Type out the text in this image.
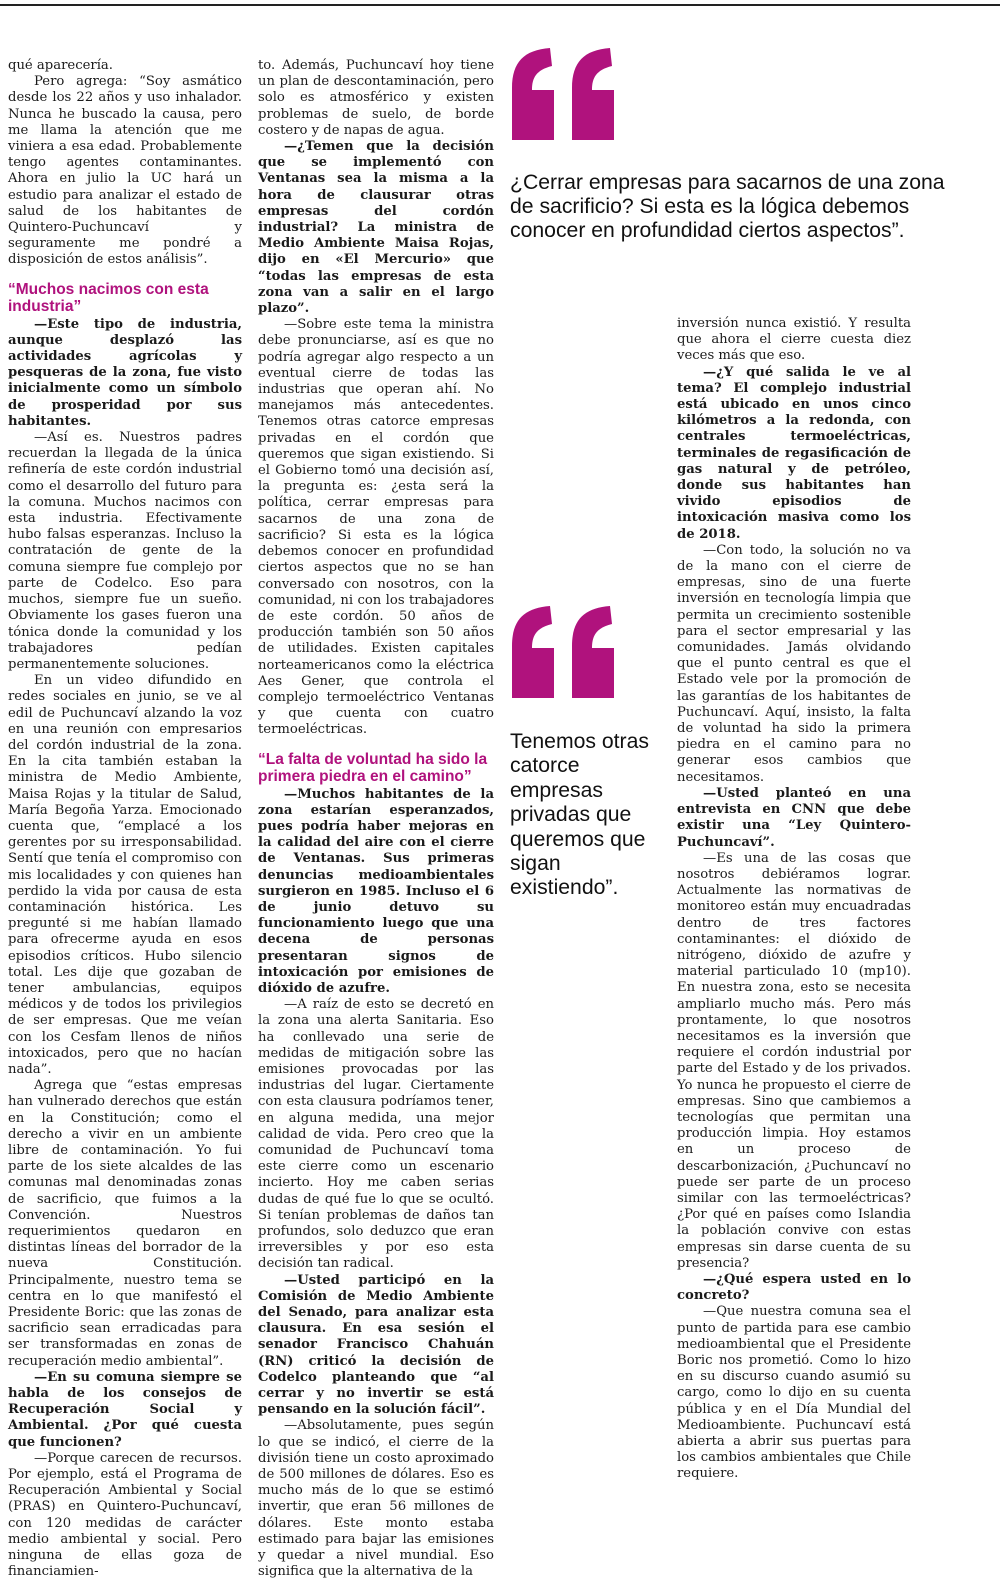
qué aparecería.

Pero agrega: “Soy asmático desde los 22 años y uso inhalador. Nunca he buscado la causa, pero me llama la atención que me viniera a esa edad. Probablemente tengo agentes contaminantes. Ahora en julio la UC hará un estudio para analizar el estado de salud de los habitantes de Quintero-Puchuncaví y seguramente me pondré a disposición de estos análisis”.

“Muchos nacimos con esta industria”

—Este tipo de industria, aunque desplazó las actividades agrícolas y pesqueras de la zona, fue visto inicialmente como un símbolo de prosperidad por sus habitantes.

—Así es. Nuestros padres recuerdan la llegada de la única refinería de este cordón industrial como el desarrollo del futuro para la comuna. Muchos nacimos con esta industria. Efectivamente hubo falsas esperanzas. Incluso la contratación de gente de la comuna siempre fue complejo por parte de Codelco. Eso para muchos, siempre fue un sueño. Obviamente los gases fueron una tónica donde la comunidad y los trabajadores pedían permanentemente soluciones.

En un video difundido en redes sociales en junio, se ve al edil de Puchuncaví alzando la voz en una reunión con empresarios del cordón industrial de la zona. En la cita también estaban la ministra de Medio Ambiente, Maisa Rojas y la titular de Salud, María Begoña Yarza. Emocionado cuenta que, “emplacé a los gerentes por su irresponsabilidad. Sentí que tenía el compromiso con mis localidades y con quienes han perdido la vida por causa de esta contaminación histórica. Les pregunté si me habían llamado para ofrecerme ayuda en esos episodios críticos. Hubo silencio total. Les dije que gozaban de tener ambulancias, equipos médicos y de todos los privilegios de ser empresas. Que me veían con los Cesfam llenos de niños intoxicados, pero que no hacían nada”.

Agrega que “estas empresas han vulnerado derechos que están en la Constitución; como el derecho a vivir en un ambiente libre de contaminación. Yo fui parte de los siete alcaldes de las comunas mal denominadas zonas de sacrificio, que fuimos a la Convención. Nuestros requerimientos quedaron en distintas líneas del borrador de la nueva Constitución. Principalmente, nuestro tema se centra en lo que manifestó el Presidente Boric: que las zonas de sacrificio sean erradicadas para ser transformadas en zonas de recuperación medio ambiental”.

—En su comuna siempre se habla de los consejos de Recuperación Social y Ambiental. ¿Por qué cuesta que funcionen?

—Porque carecen de recursos. Por ejemplo, está el Programa de Recuperación Ambiental y Social (PRAS) en Quintero-Puchuncaví, con 120 medidas de carácter medio ambiental y social. Pero ninguna de ellas goza de financiamien-

to. Además, Puchuncaví hoy tiene un plan de descontaminación, pero solo es atmosférico y existen problemas de suelo, de borde costero y de napas de agua.

—¿Temen que la decisión que se implementó con Ventanas sea la misma a la hora de clausurar otras empresas del cordón industrial? La ministra de Medio Ambiente Maisa Rojas, dijo en «El Mercurio» que “todas las empresas de esta zona van a salir en el largo plazo”.

—Sobre este tema la ministra debe pronunciarse, así es que no podría agregar algo respecto a un eventual cierre de todas las industrias que operan ahí. No manejamos más antecedentes. Tenemos otras catorce empresas privadas en el cordón que queremos que sigan existiendo. Si el Gobierno tomó una decisión así, la pregunta es: ¿esta será la política, cerrar empresas para sacarnos de una zona de sacrificio? Si esta es la lógica debemos conocer en profundidad ciertos aspectos que no se han conversado con nosotros, con la comunidad, ni con los trabajadores de este cordón. 50 años de producción también son 50 años de utilidades. Existen capitales norteamericanos como la eléctrica Aes Gener, que controla el complejo termoeléctrico Ventanas y que cuenta con cuatro termoeléctricas.

“La falta de voluntad ha sido la primera piedra en el camino”

—Muchos habitantes de la zona estarían esperanzados, pues podría haber mejoras en la calidad del aire con el cierre de Ventanas. Sus primeras denuncias medioambientales surgieron en 1985. Incluso el 6 de junio detuvo su funcionamiento luego que una decena de personas presentaran signos de intoxicación por emisiones de dióxido de azufre.

—A raíz de esto se decretó en la zona una alerta Sanitaria. Eso ha conllevado una serie de medidas de mitigación sobre las emisiones provocadas por las industrias del lugar. Ciertamente con esta clausura podríamos tener, en alguna medida, una mejor calidad de vida. Pero creo que la comunidad de Puchuncaví toma este cierre como un escenario incierto. Hoy me caben serias dudas de qué fue lo que se ocultó. Si tenían problemas de daños tan profundos, solo deduzco que eran irreversibles y por eso esta decisión tan radical.

—Usted participó en la Comisión de Medio Ambiente del Senado, para analizar esta clausura. En esa sesión el senador Francisco Chahuán (RN) criticó la decisión de Codelco planteando que “al cerrar y no invertir se está pensando en la solución fácil”.

—Absolutamente, pues según lo que se indicó, el cierre de la división tiene un costo aproximado de 500 millones de dólares. Eso es mucho más de lo que se estimó invertir, que eran 56 millones de dólares. Este monto estaba estimado para bajar las emisiones y quedar a nivel mundial. Eso significa que la alternativa de la

¿Cerrar empresas para sacarnos de una zona de sacrificio? Si esta es la lógica debemos conocer en profundidad ciertos aspectos”.

inversión nunca existió. Y resulta que ahora el cierre cuesta diez veces más que eso.

—¿Y qué salida le ve al tema? El complejo industrial está ubicado en unos cinco kilómetros a la redonda, con centrales termoeléctricas, terminales de regasificación de gas natural y de petróleo, donde sus habitantes han vivido episodios de intoxicación masiva como los de 2018.

—Con todo, la solución no va de la mano con el cierre de empresas, sino de una fuerte inversión en tecnología limpia que permita un crecimiento sostenible para el sector empresarial y las comunidades. Jamás olvidando que el punto central es que el Estado vele por la promoción de las garantías de los habitantes de Puchuncaví. Aquí, insisto, la falta de voluntad ha sido la primera piedra en el camino para no generar esos cambios que necesitamos.

—Usted planteó en una entrevista en CNN que debe existir una “Ley Quintero-Puchuncaví”.

—Es una de las cosas que nosotros debiéramos lograr. Actualmente las normativas de monitoreo están muy encuadradas dentro de tres factores contaminantes: el dióxido de nitrógeno, dióxido de azufre y material particulado 10 (mp10). En nuestra zona, esto se necesita ampliarlo mucho más. Pero más prontamente, lo que nosotros necesitamos es la inversión que requiere el cordón industrial por parte del Estado y de los privados. Yo nunca he propuesto el cierre de empresas. Sino que cambiemos a tecnologías que permitan una producción limpia. Hoy estamos en un proceso de descarbonización, ¿Puchuncaví no puede ser parte de un proceso similar con las termoeléctricas? ¿Por qué en países como Islandia la población convive con estas empresas sin darse cuenta de su presencia?

—¿Qué espera usted en lo concreto?

—Que nuestra comuna sea el punto de partida para ese cambio medioambiental que el Presidente Boric nos prometió. Como lo hizo en su discurso cuando asumió su cargo, como lo dijo en su cuenta pública y en el Día Mundial del Medioambiente. Puchuncaví está abierta a abrir sus puertas para los cambios ambientales que Chile requiere.

Tenemos otras catorce empresas privadas que queremos que sigan existiendo”.
